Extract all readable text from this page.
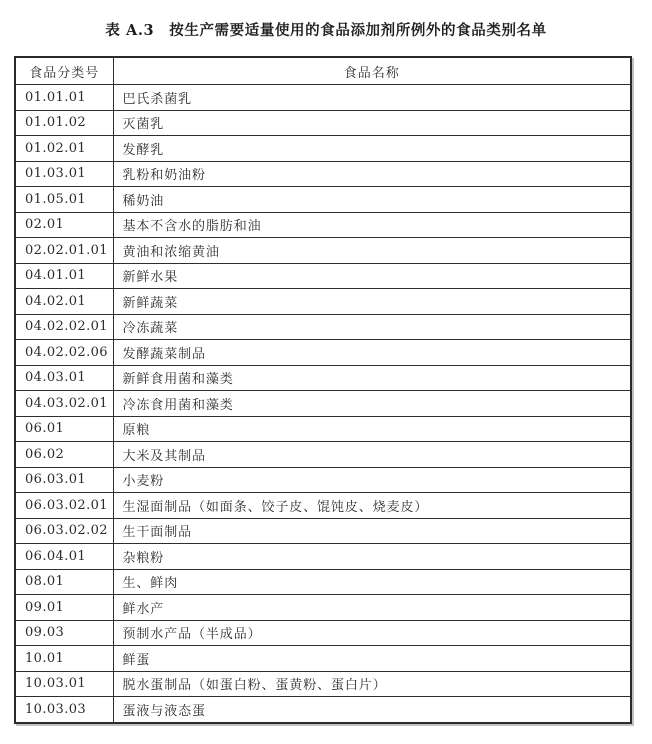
表 A.3　按生产需要适量使用的食品添加剂所例外的食品类别名单
食品分类号	食品名称
01.01.01	巴氏杀菌乳
01.01.02	灭菌乳
01.02.01	发酵乳
01.03.01	乳粉和奶油粉
01.05.01	稀奶油
02.01	基本不含水的脂肪和油
02.02.01.01	黄油和浓缩黄油
04.01.01	新鲜水果
04.02.01	新鲜蔬菜
04.02.02.01	冷冻蔬菜
04.02.02.06	发酵蔬菜制品
04.03.01	新鲜食用菌和藻类
04.03.02.01	冷冻食用菌和藻类
06.01	原粮
06.02	大米及其制品
06.03.01	小麦粉
06.03.02.01	生湿面制品（如面条、饺子皮、馄饨皮、烧麦皮）
06.03.02.02	生干面制品
06.04.01	杂粮粉
08.01	生、鲜肉
09.01	鲜水产
09.03	预制水产品（半成品）
10.01	鲜蛋
10.03.01	脱水蛋制品（如蛋白粉、蛋黄粉、蛋白片）
10.03.03	蛋液与液态蛋
